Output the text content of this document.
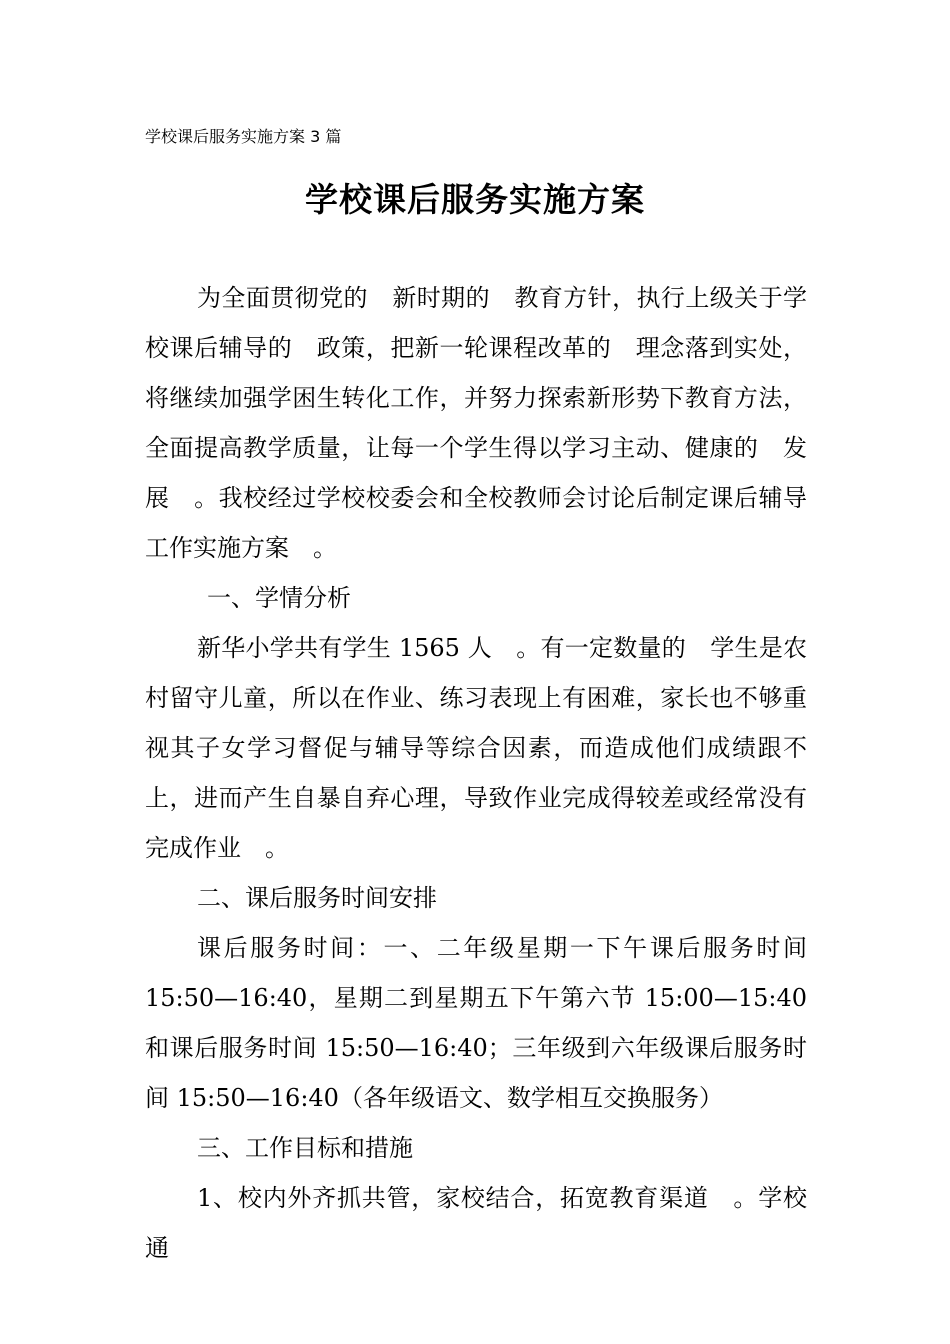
学校课后服务实施方案 3 篇
学校课后服务实施方案

为全面贯彻党的　新时期的　教育方针，执行上级关于学校课后辅导的　政策，把新一轮课程改革的　理念落到实处，将继续加强学困生转化工作，并努力探索新形势下教育方法，全面提高教学质量，让每一个学生得以学习主动、健康的　发展　。我校经过学校校委会和全校教师会讨论后制定课后辅导工作实施方案　。

一、学情分析

新华小学共有学生 1565 人　。有一定数量的　学生是农村留守儿童，所以在作业、练习表现上有困难，家长也不够重视其子女学习督促与辅导等综合因素，而造成他们成绩跟不上，进而产生自暴自弃心理，导致作业完成得较差或经常没有完成作业　。

二、课后服务时间安排

课后服务时间：一、二年级星期一下午课后服务时间 15:50—16:40，星期二到星期五下午第六节 15:00—15:40 和课后服务时间 15:50—16:40；三年级到六年级课后服务时间 15:50—16:40（各年级语文、数学相互交换服务）

三、工作目标和措施

1、校内外齐抓共管，家校结合，拓宽教育渠道　。学校通
